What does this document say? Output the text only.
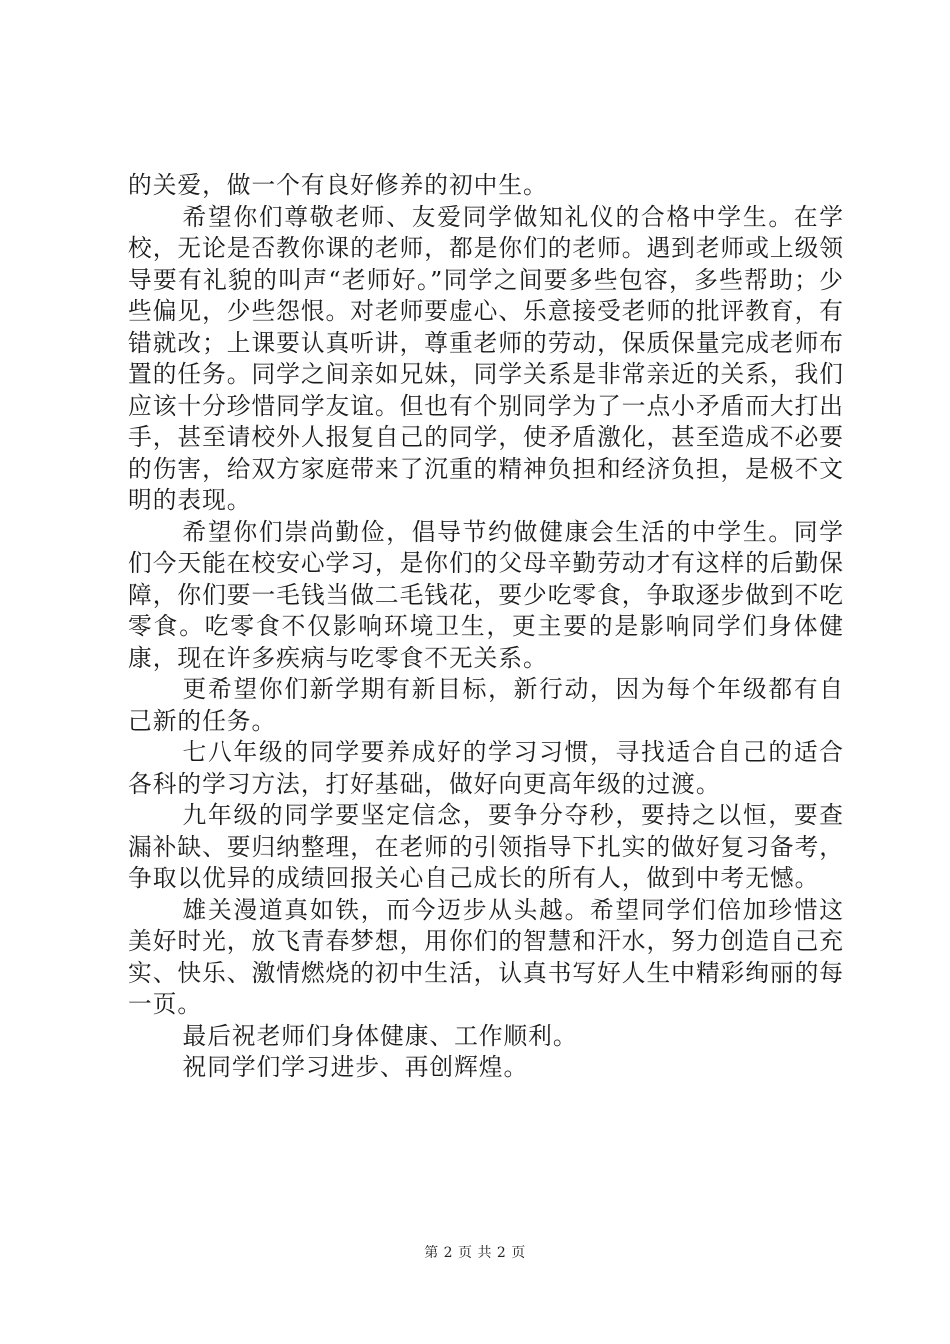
的关爱，做一个有良好修养的初中生。

希望你们尊敬老师、友爱同学做知礼仪的合格中学生。在学校，无论是否教你课的老师，都是你们的老师。遇到老师或上级领导要有礼貌的叫声“老师好。”同学之间要多些包容，多些帮助；少些偏见，少些怨恨。对老师要虚心、乐意接受老师的批评教育，有错就改；上课要认真听讲，尊重老师的劳动，保质保量完成老师布置的任务。同学之间亲如兄妹，同学关系是非常亲近的关系，我们应该十分珍惜同学友谊。但也有个别同学为了一点小矛盾而大打出手，甚至请校外人报复自己的同学，使矛盾激化，甚至造成不必要的伤害，给双方家庭带来了沉重的精神负担和经济负担，是极不文明的表现。

希望你们崇尚勤俭，倡导节约做健康会生活的中学生。同学们今天能在校安心学习，是你们的父母辛勤劳动才有这样的后勤保障，你们要一毛钱当做二毛钱花，要少吃零食，争取逐步做到不吃零食。吃零食不仅影响环境卫生，更主要的是影响同学们身体健康，现在许多疾病与吃零食不无关系。

更希望你们新学期有新目标，新行动，因为每个年级都有自己新的任务。

七八年级的同学要养成好的学习习惯，寻找适合自己的适合各科的学习方法，打好基础，做好向更高年级的过渡。

九年级的同学要坚定信念，要争分夺秒，要持之以恒，要查漏补缺、要归纳整理，在老师的引领指导下扎实的做好复习备考，争取以优异的成绩回报关心自己成长的所有人，做到中考无憾。

雄关漫道真如铁，而今迈步从头越。希望同学们倍加珍惜这美好时光，放飞青春梦想，用你们的智慧和汗水，努力创造自己充实、快乐、激情燃烧的初中生活，认真书写好人生中精彩绚丽的每一页。

最后祝老师们身体健康、工作顺利。

祝同学们学习进步、再创辉煌。

第 2 页 共 2 页
